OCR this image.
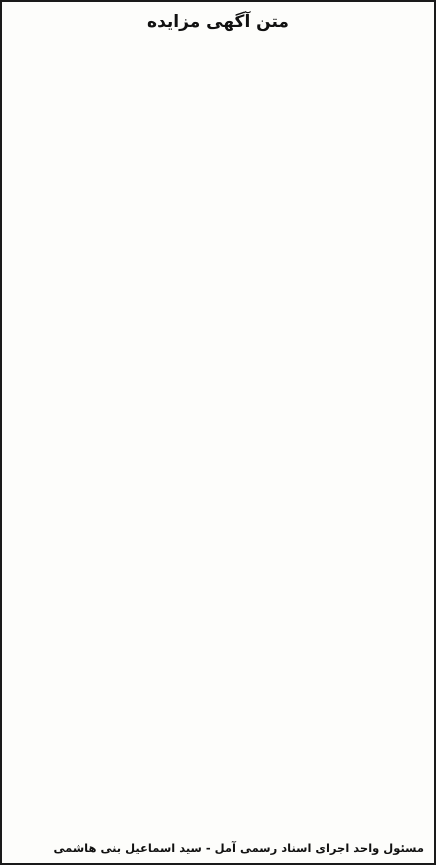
متن آگهی مزایده
مسئول واحد اجرای اسناد رسمی آمل - سید اسماعیل بنی هاشمی
